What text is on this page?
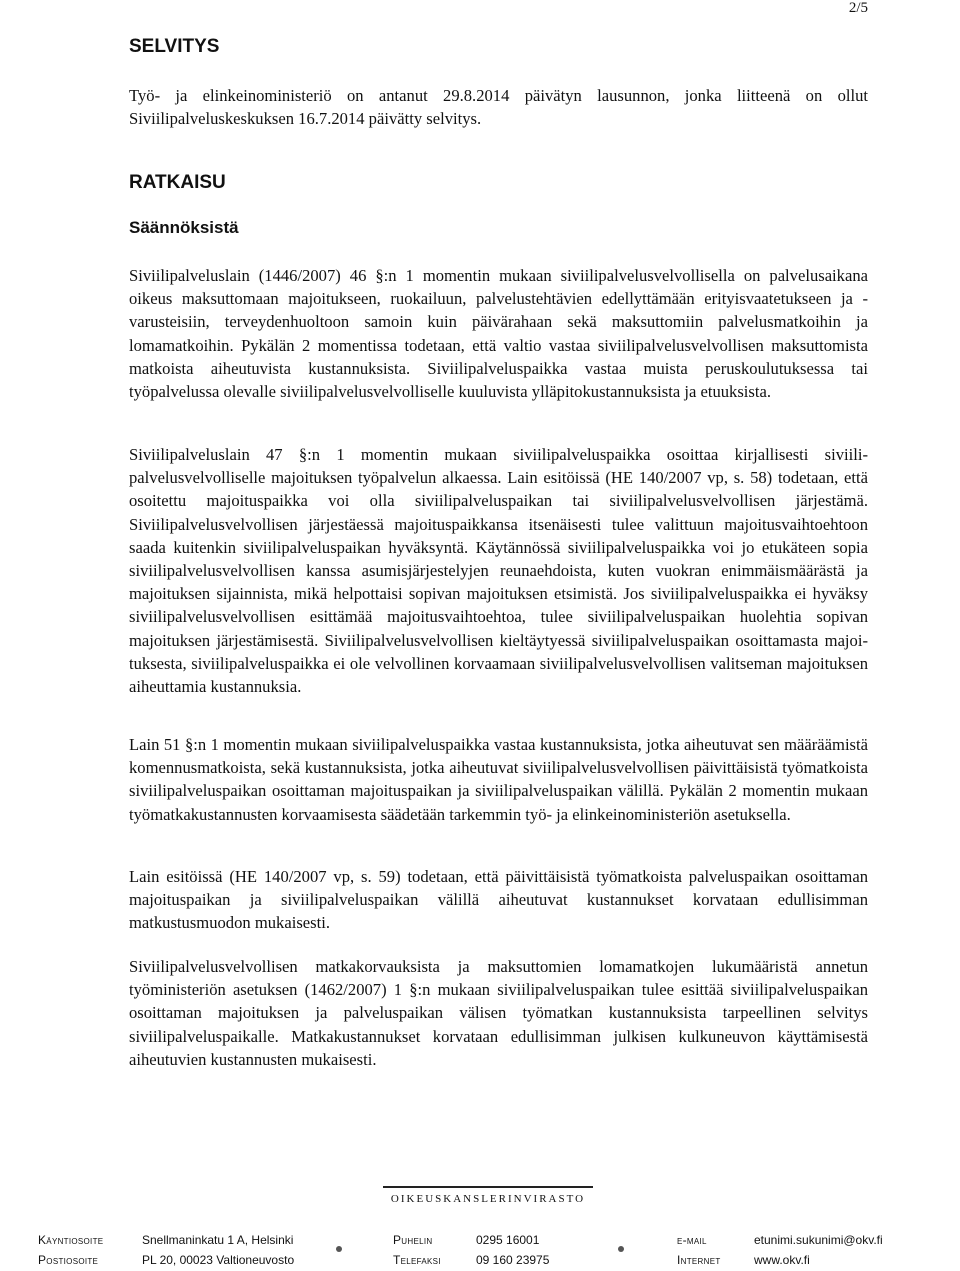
2/5
SELVITYS

Työ- ja elinkeinoministeriö on antanut 29.8.2014 päivätyn lausunnon, jonka liitteenä on ollut Siviilipalveluskeskuksen 16.7.2014 päivätty selvitys.

RATKAISU
Säännöksistä

Siviilipalveluslain (1446/2007) 46 §:n 1 momentin mukaan siviilipalvelusvelvollisella on palvelusaikana oikeus maksuttomaan majoitukseen, ruokailuun, palvelustehtävien edellyttämään erityisvaatetukseen ja -varusteisiin, terveydenhuoltoon samoin kuin päivärahaan sekä maksuttomiin palvelusmatkoihin ja lomamatkoihin. Pykälän 2 momentissa todetaan, että valtio vastaa siviilipalvelusvelvollisen maksuttomista matkoista aiheutuvista kustannuksista. Siviilipalveluspaikka vastaa muista peruskoulutuksessa tai työpalvelussa olevalle siviilipalvelusvelvolliselle kuuluvista ylläpitokustannuksista ja etuuksista.

Siviilipalveluslain 47 §:n 1 momentin mukaan siviilipalveluspaikka osoittaa kirjallisesti siviilipalvelusvelvolliselle majoituksen työpalvelun alkaessa. Lain esitöissä (HE 140/2007 vp, s. 58) todetaan, että osoitettu majoituspaikka voi olla siviilipalveluspaikan tai siviilipalvelusvelvollisen järjestämä. Siviilipalvelusvelvollisen järjestäessä majoituspaikkansa itsenäisesti tulee valittuun majoitusvaihtoehtoon saada kuitenkin siviilipalveluspaikan hyväksyntä. Käytännössä siviilipalveluspaikka voi jo etukäteen sopia siviilipalvelusvelvollisen kanssa asumisjärjestelyjen reunaehdoista, kuten vuokran enimmäismäärästä ja majoituksen sijainnista, mikä helpottaisi sopivan majoituksen etsimistä. Jos siviilipalveluspaikka ei hyväksy siviilipalvelusvelvollisen esittämää majoitusvaihtoehtoa, tulee siviilipalveluspaikan huolehtia sopivan majoituksen järjestämisestä. Siviilipalvelusvelvollisen kieltäytyessä siviilipalveluspaikan osoittamasta majoituksesta, siviilipalveluspaikka ei ole velvollinen korvaamaan siviilipalvelusvelvollisen valitseman majoituksen aiheuttamia kustannuksia.

Lain 51 §:n 1 momentin mukaan siviilipalveluspaikka vastaa kustannuksista, jotka aiheutuvat sen määräämistä komennusmatkoista, sekä kustannuksista, jotka aiheutuvat siviilipalvelusvelvollisen päivittäisistä työmatkoista siviilipalveluspaikan osoittaman majoituspaikan ja siviilipalveluspaikan välillä. Pykälän 2 momentin mukaan työmatkakustannusten korvaamisesta säädetään tarkemmin työ- ja elinkeinoministeriön asetuksella.

Lain esitöissä (HE 140/2007 vp, s. 59) todetaan, että päivittäisistä työmatkoista palveluspaikan osoittaman majoituspaikan ja siviilipalveluspaikan välillä aiheutuvat kustannukset korvataan edullisimman matkustusmuodon mukaisesti.

Siviilipalvelusvelvollisen matkakorvauksista ja maksuttomien lomamatkojen lukumääristä annetun työministeriön asetuksen (1462/2007) 1 §:n mukaan siviilipalveluspaikan tulee esittää siviilipalveluspaikan osoittaman majoituksen ja palveluspaikan välisen työmatkan kustannuksista tarpeellinen selvitys siviilipalveluspaikalle. Matkakustannukset korvataan edullisimman julkisen kulkuneuvon käyttämisestä aiheutuvien kustannusten mukaisesti.

OIKEUSKANSLERINVIRASTO
Käyntiosoite	Snellmaninkatu 1 A, Helsinki	Puhelin	0295 16001	e-mail	etunimi.sukunimi@okv.fi
Postiosoite	PL 20, 00023 Valtioneuvosto	Telefaksi	09 160 23975	Internet	www.okv.fi
